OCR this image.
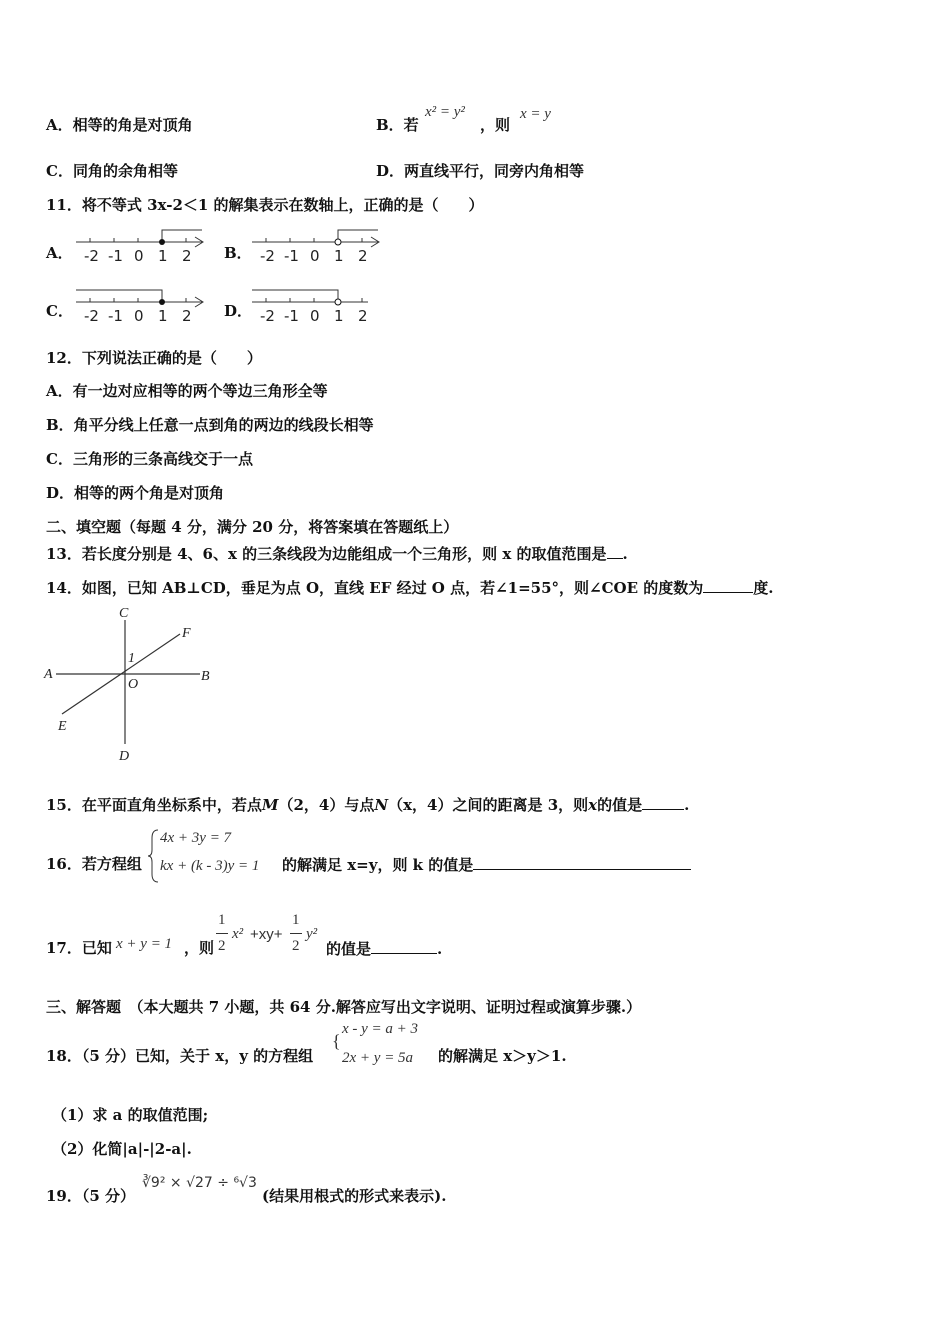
A．相等的角是对顶角	B．若
x² = y²
，则
x = y
C．同角的余角相等	D．两直线平行，同旁内角相等
11．将不等式 3x-2＜1 的解集表示在数轴上，正确的是（　　）
A． -2 -1 0 1 2 B． -2 -1 0 1 2
C． -2 -1 0 1 2 D． -2 -1 0 1 2
12．下列说法正确的是（　　）
A．有一边对应相等的两个等边三角形全等
B．角平分线上任意一点到角的两边的线段长相等
C．三角形的三条高线交于一点
D．相等的两个角是对顶角
二、填空题（每题 4 分，满分 20 分，将答案填在答题纸上）
13．若长度分别是 4、6、x 的三条线段为边能组成一个三角形，则 x 的取值范围是 .
14．如图，已知 AB⊥CD，垂足为点 O，直线 EF 经过 O 点，若∠1=55°，则∠COE 的度数为	度.
C
F
1
A
O
B
E
D
15．在平面直角坐标系中，若点M（2，4）与点N（x，4）之间的距离是 3，则x的值是	.
16．若方程组
4x + 3y = 7
kx + (k - 3)y = 1 的解满足 x=y，则 k 的值是
17．已知 x + y = 1 ，则
1
2
x² +xy+
1
2
y²
的值是	.
三、解答题　（本大题共 7 小题，共 64 分.解答应写出文字说明、证明过程或演算步骤.）
18．（5 分）已知，关于 x，y 的方程组
{
x - y = a + 3
2x + y = 5a 的解满足 x＞y＞1.
（1）求 a 的取值范围;
（2）化简|a|-|2-a|.
19．（5 分）
∛9² × √27 ÷ ⁶√3
(结果用根式的形式来表示).
